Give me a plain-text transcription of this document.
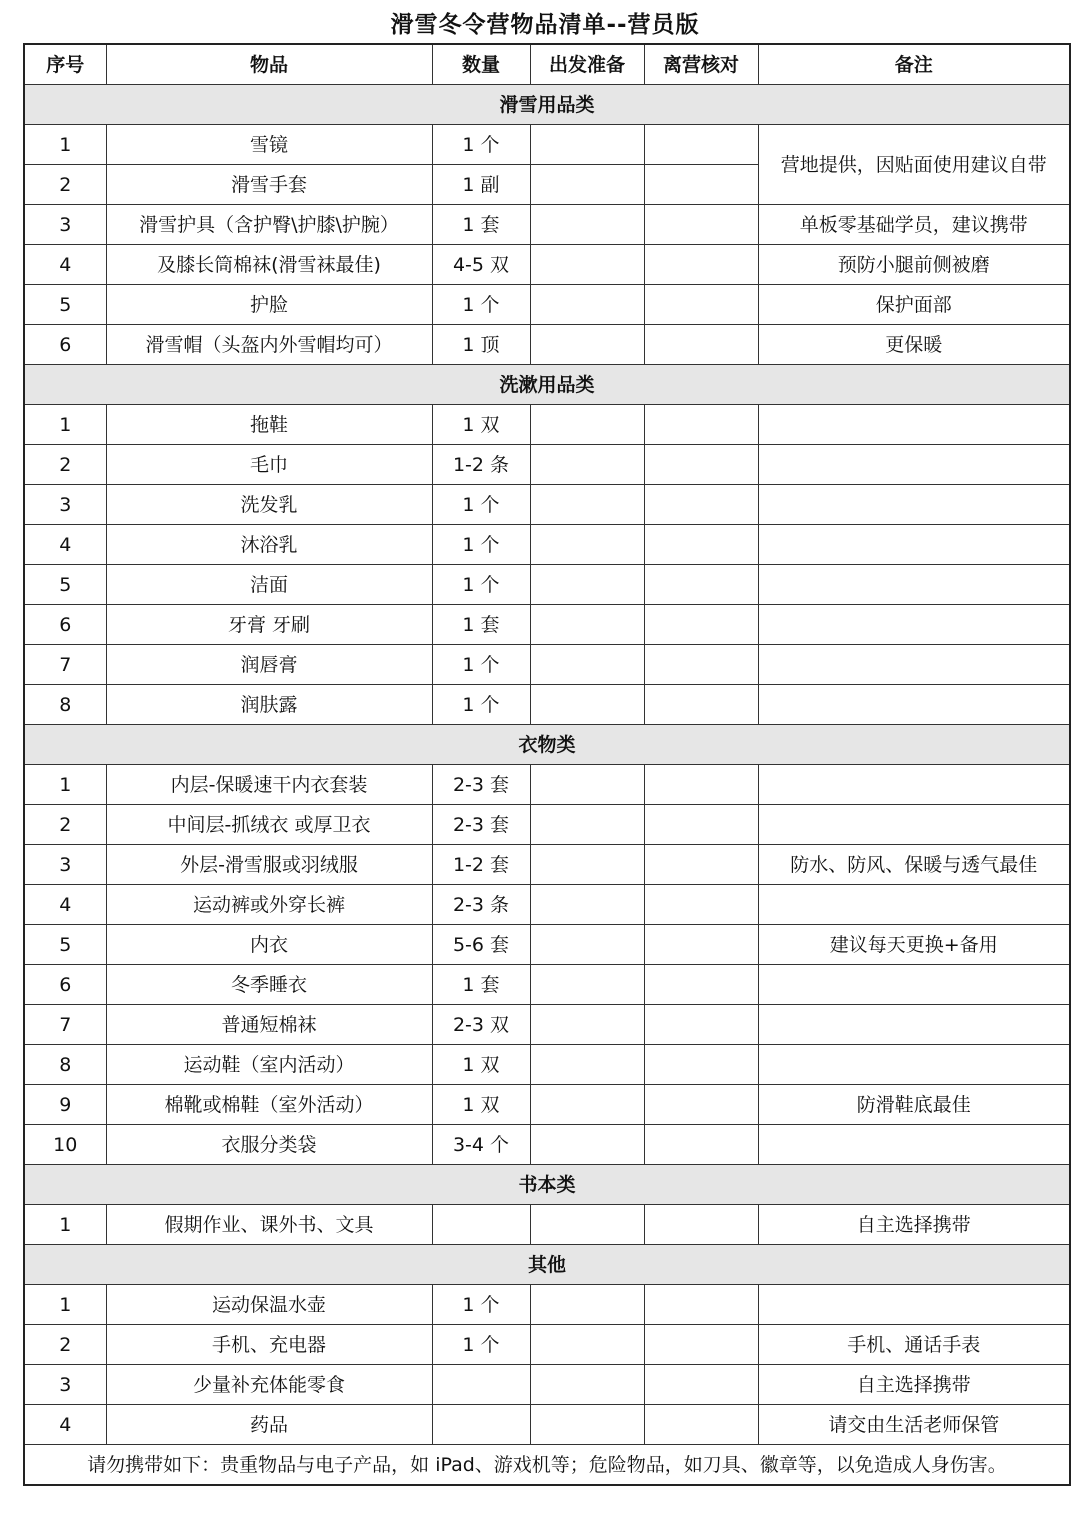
滑雪冬令营物品清单--营员版
序号	物品	数量	出发准备	离营核对	备注
滑雪用品类					
1	雪镜	1 个			营地提供，因贴面使用建议自带
2	滑雪手套	1 副			
3	滑雪护具（含护臀\护膝\护腕）	1 套			单板零基础学员，建议携带
4	及膝长筒棉袜(滑雪袜最佳)	4-5 双			预防小腿前侧被磨
5	护脸	1 个			保护面部
6	滑雪帽（头盔内外雪帽均可）	1 顶			更保暖
洗漱用品类					
1	拖鞋	1 双			
2	毛巾	1-2 条			
3	洗发乳	1 个			
4	沐浴乳	1 个			
5	洁面	1 个			
6	牙膏 牙刷	1 套			
7	润唇膏	1 个			
8	润肤露	1 个			
衣物类					
1	内层-保暖速干内衣套装	2-3 套			
2	中间层-抓绒衣 或厚卫衣	2-3 套			
3	外层-滑雪服或羽绒服	1-2 套			防水、防风、保暖与透气最佳
4	运动裤或外穿长裤	2-3 条			
5	内衣	5-6 套			建议每天更换+备用
6	冬季睡衣	1 套			
7	普通短棉袜	2-3 双			
8	运动鞋（室内活动）	1 双			
9	棉靴或棉鞋（室外活动）	1 双			防滑鞋底最佳
10	衣服分类袋	3-4 个			
书本类					
1	假期作业、课外书、文具				自主选择携带
其他					
1	运动保温水壶	1 个			
2	手机、充电器	1 个			手机、通话手表
3	少量补充体能零食				自主选择携带
4	药品				请交由生活老师保管
请勿携带如下：贵重物品与电子产品，如 iPad、游戏机等；危险物品，如刀具、徽章等，以免造成人身伤害。					
